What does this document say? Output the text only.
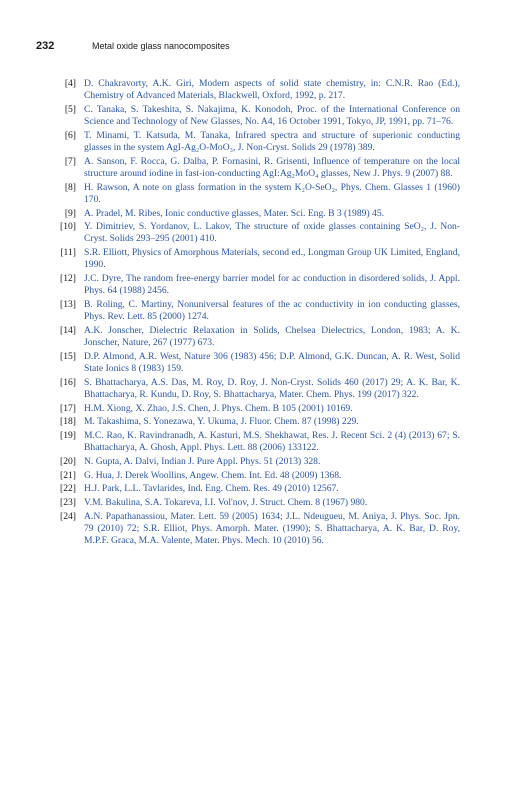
232	Metal oxide glass nanocomposites
[4] D. Chakravorty, A.K. Giri, Modern aspects of solid state chemistry, in: C.N.R. Rao (Ed.), Chemistry of Advanced Materials, Blackwell, Oxford, 1992, p. 217.
[5] C. Tanaka, S. Takeshita, S. Nakajima, K. Konodoh, Proc. of the International Conference on Science and Technology of New Glasses, No. A4, 16 October 1991, Tokyo, JP, 1991, pp. 71–76.
[6] T. Minami, T. Katsuda, M. Tanaka, Infrared spectra and structure of superionic conducting glasses in the system AgI-Ag₂O-MoO₃, J. Non-Cryst. Solids 29 (1978) 389.
[7] A. Sanson, F. Rocca, G. Dalba, P. Fornasini, R. Grisenti, Influence of temperature on the local structure around iodine in fast-ion-conducting AgI:Ag₂MoO₄ glasses, New J. Phys. 9 (2007) 88.
[8] H. Rawson, A note on glass formation in the system K₂O-SeO₂, Phys. Chem. Glasses 1 (1960) 170.
[9] A. Pradel, M. Ribes, Ionic conductive glasses, Mater. Sci. Eng. B 3 (1989) 45.
[10] Y. Dimitriev, S. Yordanov, L. Lakov, The structure of oxide glasses containing SeO₂, J. Non-Cryst. Solids 293–295 (2001) 410.
[11] S.R. Elliott, Physics of Amorphous Materials, second ed., Longman Group UK Limited, England, 1990.
[12] J.C. Dyre, The random free-energy barrier model for ac conduction in disordered solids, J. Appl. Phys. 64 (1988) 2456.
[13] B. Roling, C. Martiny, Nonuniversal features of the ac conductivity in ion conducting glasses, Phys. Rev. Lett. 85 (2000) 1274.
[14] A.K. Jonscher, Dielectric Relaxation in Solids, Chelsea Dielectrics, London, 1983; A. K. Jonscher, Nature, 267 (1977) 673.
[15] D.P. Almond, A.R. West, Nature 306 (1983) 456; D.P. Almond, G.K. Duncan, A. R. West, Solid State Ionics 8 (1983) 159.
[16] S. Bhattacharya, A.S. Das, M. Roy, D. Roy, J. Non-Cryst. Solids 460 (2017) 29; A. K. Bar, K. Bhattacharya, R. Kundu, D. Roy, S. Bhattacharya, Mater. Chem. Phys. 199 (2017) 322.
[17] H.M. Xiong, X. Zhao, J.S. Chen, J. Phys. Chem. B 105 (2001) 10169.
[18] M. Takashima, S. Yonezawa, Y. Ukuma, J. Fluor. Chem. 87 (1998) 229.
[19] M.C. Rao, K. Ravindranadh, A. Kasturi, M.S. Shekhawat, Res. J. Recent Sci. 2 (4) (2013) 67; S. Bhattacharya, A. Ghosh, Appl. Phys. Lett. 88 (2006) 133122.
[20] N. Gupta, A. Dalvi, Indian J. Pure Appl. Phys. 51 (2013) 328.
[21] G. Hua, J. Derek Woollins, Angew. Chem. Int. Ed. 48 (2009) 1368.
[22] H.J. Park, L.L. Tavlarides, Ind. Eng. Chem. Res. 49 (2010) 12567.
[23] V.M. Bakulina, S.A. Tokareva, I.I. Vol'nov, J. Struct. Chem. 8 (1967) 980.
[24] A.N. Papathanassiou, Mater. Lett. 59 (2005) 1634; J.L. Ndeugueu, M. Aniya, J. Phys. Soc. Jpn. 79 (2010) 72; S.R. Elliot, Phys. Amorph. Mater. (1990); S. Bhattacharya, A. K. Bar, D. Roy, M.P.F. Graca, M.A. Valente, Mater. Phys. Mech. 10 (2010) 56.
